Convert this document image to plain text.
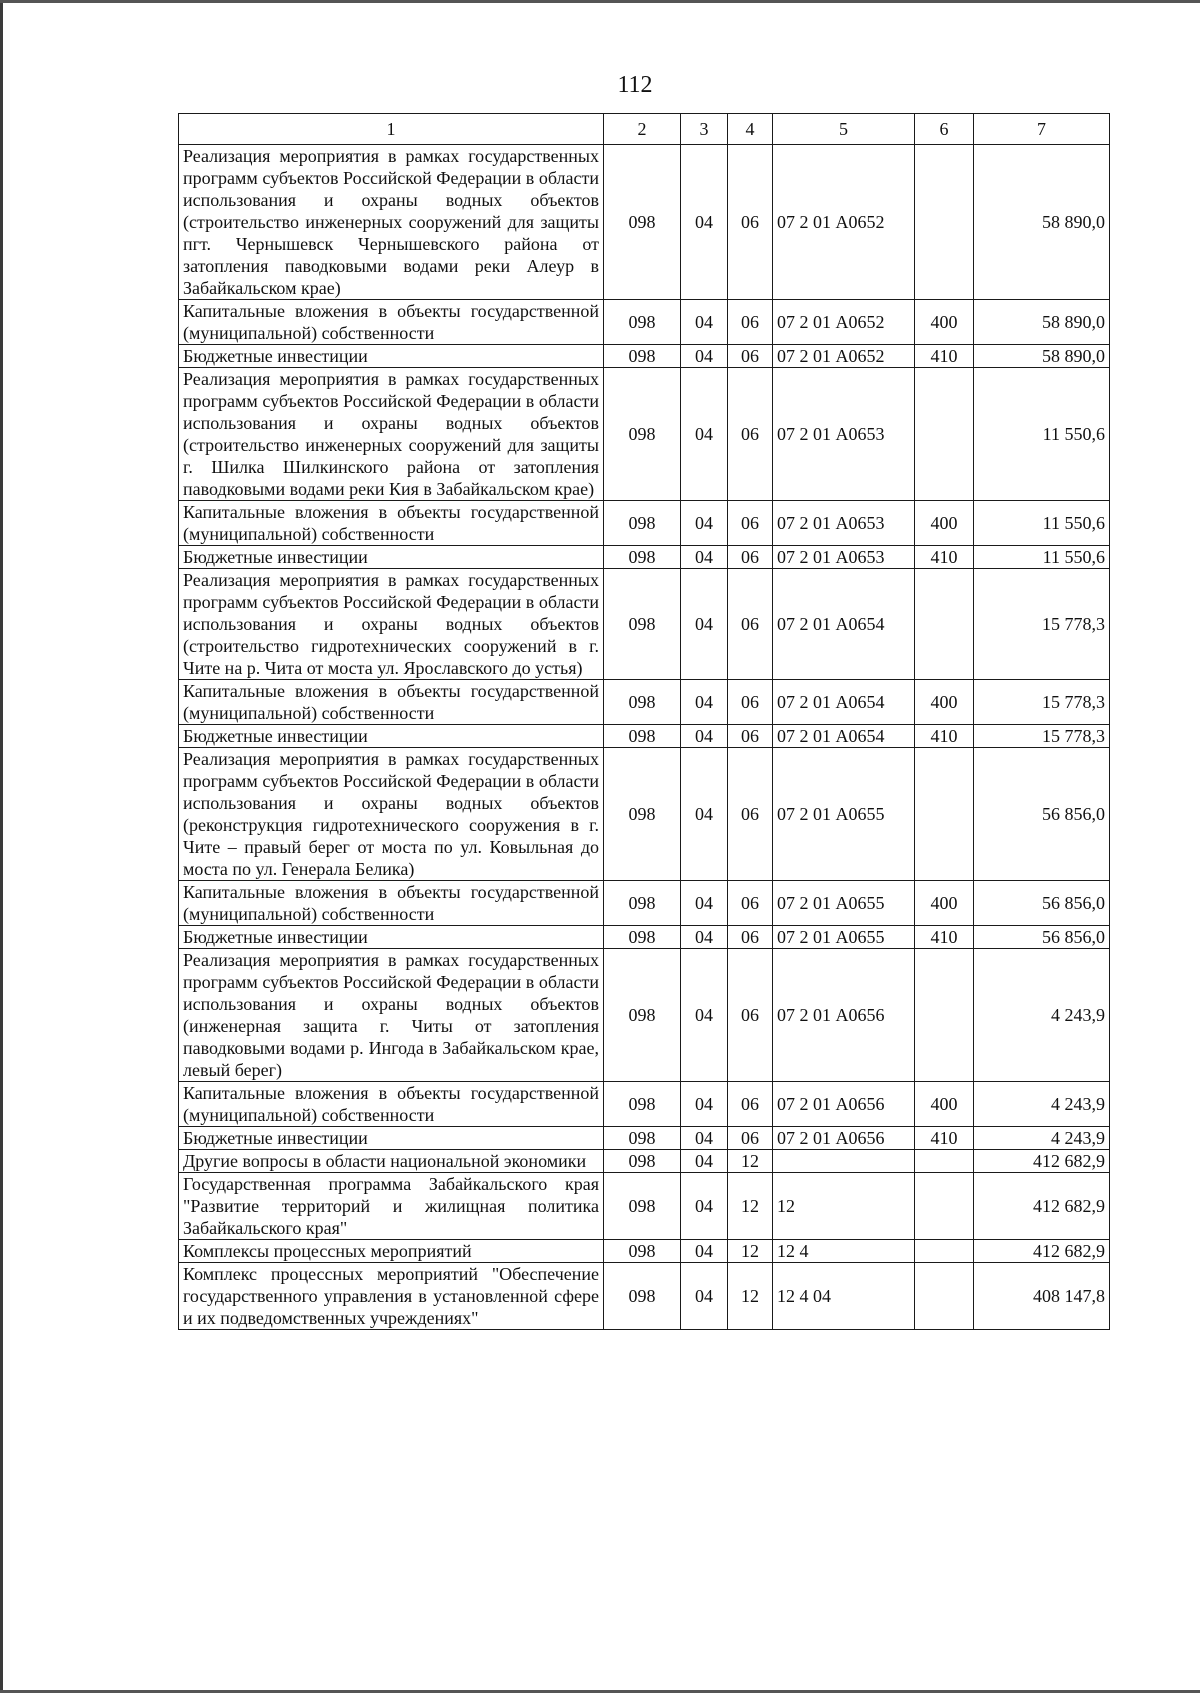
112
1	2	3	4	5	6	7
Реализация мероприятия в рамках государственных программ субъектов Российской Федерации в области использования и охраны водных объектов (строительство инженерных сооружений для защиты пгт. Чернышевск Чернышевского района от затопления паводковыми водами реки Алеур в Забайкальском крае)	098	04	06	07 2 01 А0652		58 890,0
Капитальные вложения в объекты государственной (муниципальной) собственности	098	04	06	07 2 01 А0652	400	58 890,0
Бюджетные инвестиции	098	04	06	07 2 01 А0652	410	58 890,0
Реализация мероприятия в рамках государственных программ субъектов Российской Федерации в области использования и охраны водных объектов (строительство инженерных сооружений для защиты г. Шилка Шилкинского района от затопления паводковыми водами реки Кия в Забайкальском крае)	098	04	06	07 2 01 А0653		11 550,6
Капитальные вложения в объекты государственной (муниципальной) собственности	098	04	06	07 2 01 А0653	400	11 550,6
Бюджетные инвестиции	098	04	06	07 2 01 А0653	410	11 550,6
Реализация мероприятия в рамках государственных программ субъектов Российской Федерации в области использования и охраны водных объектов (строительство гидротехнических сооружений в г. Чите на р. Чита от моста ул. Ярославского до устья)	098	04	06	07 2 01 А0654		15 778,3
Капитальные вложения в объекты государственной (муниципальной) собственности	098	04	06	07 2 01 А0654	400	15 778,3
Бюджетные инвестиции	098	04	06	07 2 01 А0654	410	15 778,3
Реализация мероприятия в рамках государственных программ субъектов Российской Федерации в области использования и охраны водных объектов (реконструкция гидротехнического сооружения в г. Чите – правый берег от моста по ул. Ковыльная до моста по ул. Генерала Белика)	098	04	06	07 2 01 А0655		56 856,0
Капитальные вложения в объекты государственной (муниципальной) собственности	098	04	06	07 2 01 А0655	400	56 856,0
Бюджетные инвестиции	098	04	06	07 2 01 А0655	410	56 856,0
Реализация мероприятия в рамках государственных программ субъектов Российской Федерации в области использования и охраны водных объектов (инженерная защита г. Читы от затопления паводковыми водами р. Ингода в Забайкальском крае, левый берег)	098	04	06	07 2 01 А0656		4 243,9
Капитальные вложения в объекты государственной (муниципальной) собственности	098	04	06	07 2 01 А0656	400	4 243,9
Бюджетные инвестиции	098	04	06	07 2 01 А0656	410	4 243,9
Другие вопросы в области национальной экономики	098	04	12			412 682,9
Государственная программа Забайкальского края "Развитие территорий и жилищная политика Забайкальского края"	098	04	12	12		412 682,9
Комплексы процессных мероприятий	098	04	12	12 4		412 682,9
Комплекс процессных мероприятий "Обеспечение государственного управления в установленной сфере и их подведомственных учреждениях"	098	04	12	12 4 04		408 147,8
